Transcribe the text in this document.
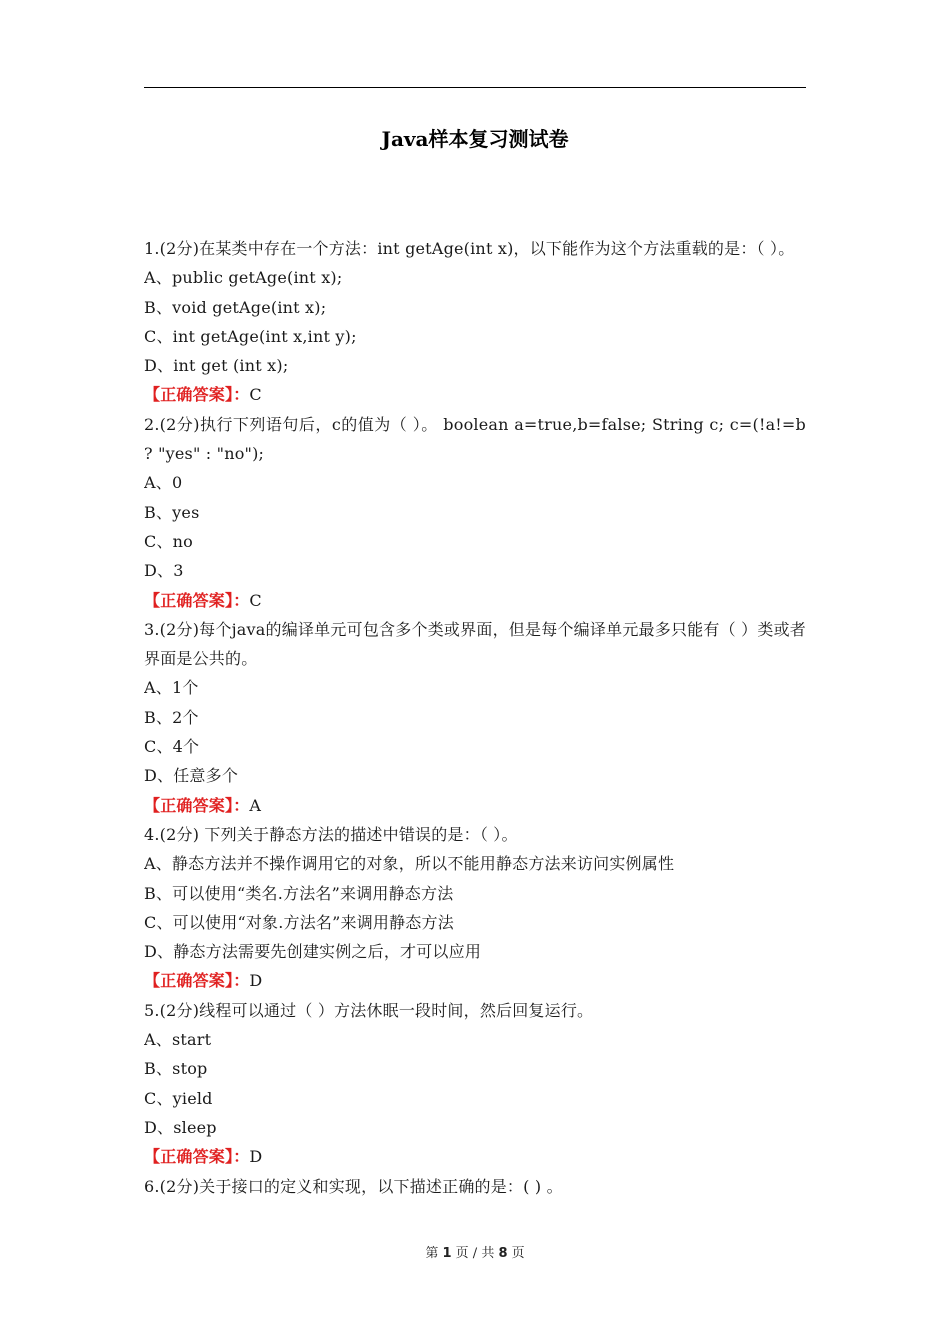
Java样本复习测试卷
1.(2分)在某类中存在一个方法：int getAge(int x)，以下能作为这个方法重载的是：（ ）。
A、public getAge(int x);
B、void getAge(int x);
C、int getAge(int x,int y);
D、int get (int x);
【正确答案】：C
2.(2分)执行下列语句后，c的值为（ ）。 boolean a=true,b=false; String c; c=(!a!=b ? "yes" : "no");
A、0
B、yes
C、no
D、3
【正确答案】：C
3.(2分)每个java的编译单元可包含多个类或界面，但是每个编译单元最多只能有（ ）类或者界面是公共的。
A、1个
B、2个
C、4个
D、任意多个
【正确答案】：A
4.(2分) 下列关于静态方法的描述中错误的是：（ ）。
A、静态方法并不操作调用它的对象，所以不能用静态方法来访问实例属性
B、可以使用“类名.方法名”来调用静态方法
C、可以使用“对象.方法名”来调用静态方法
D、静态方法需要先创建实例之后，才可以应用
【正确答案】：D
5.(2分)线程可以通过（ ）方法休眠一段时间，然后回复运行。
A、start
B、stop
C、yield
D、sleep
【正确答案】：D
6.(2分)关于接口的定义和实现，以下描述正确的是：( ) 。
第 1 页 / 共 8 页
